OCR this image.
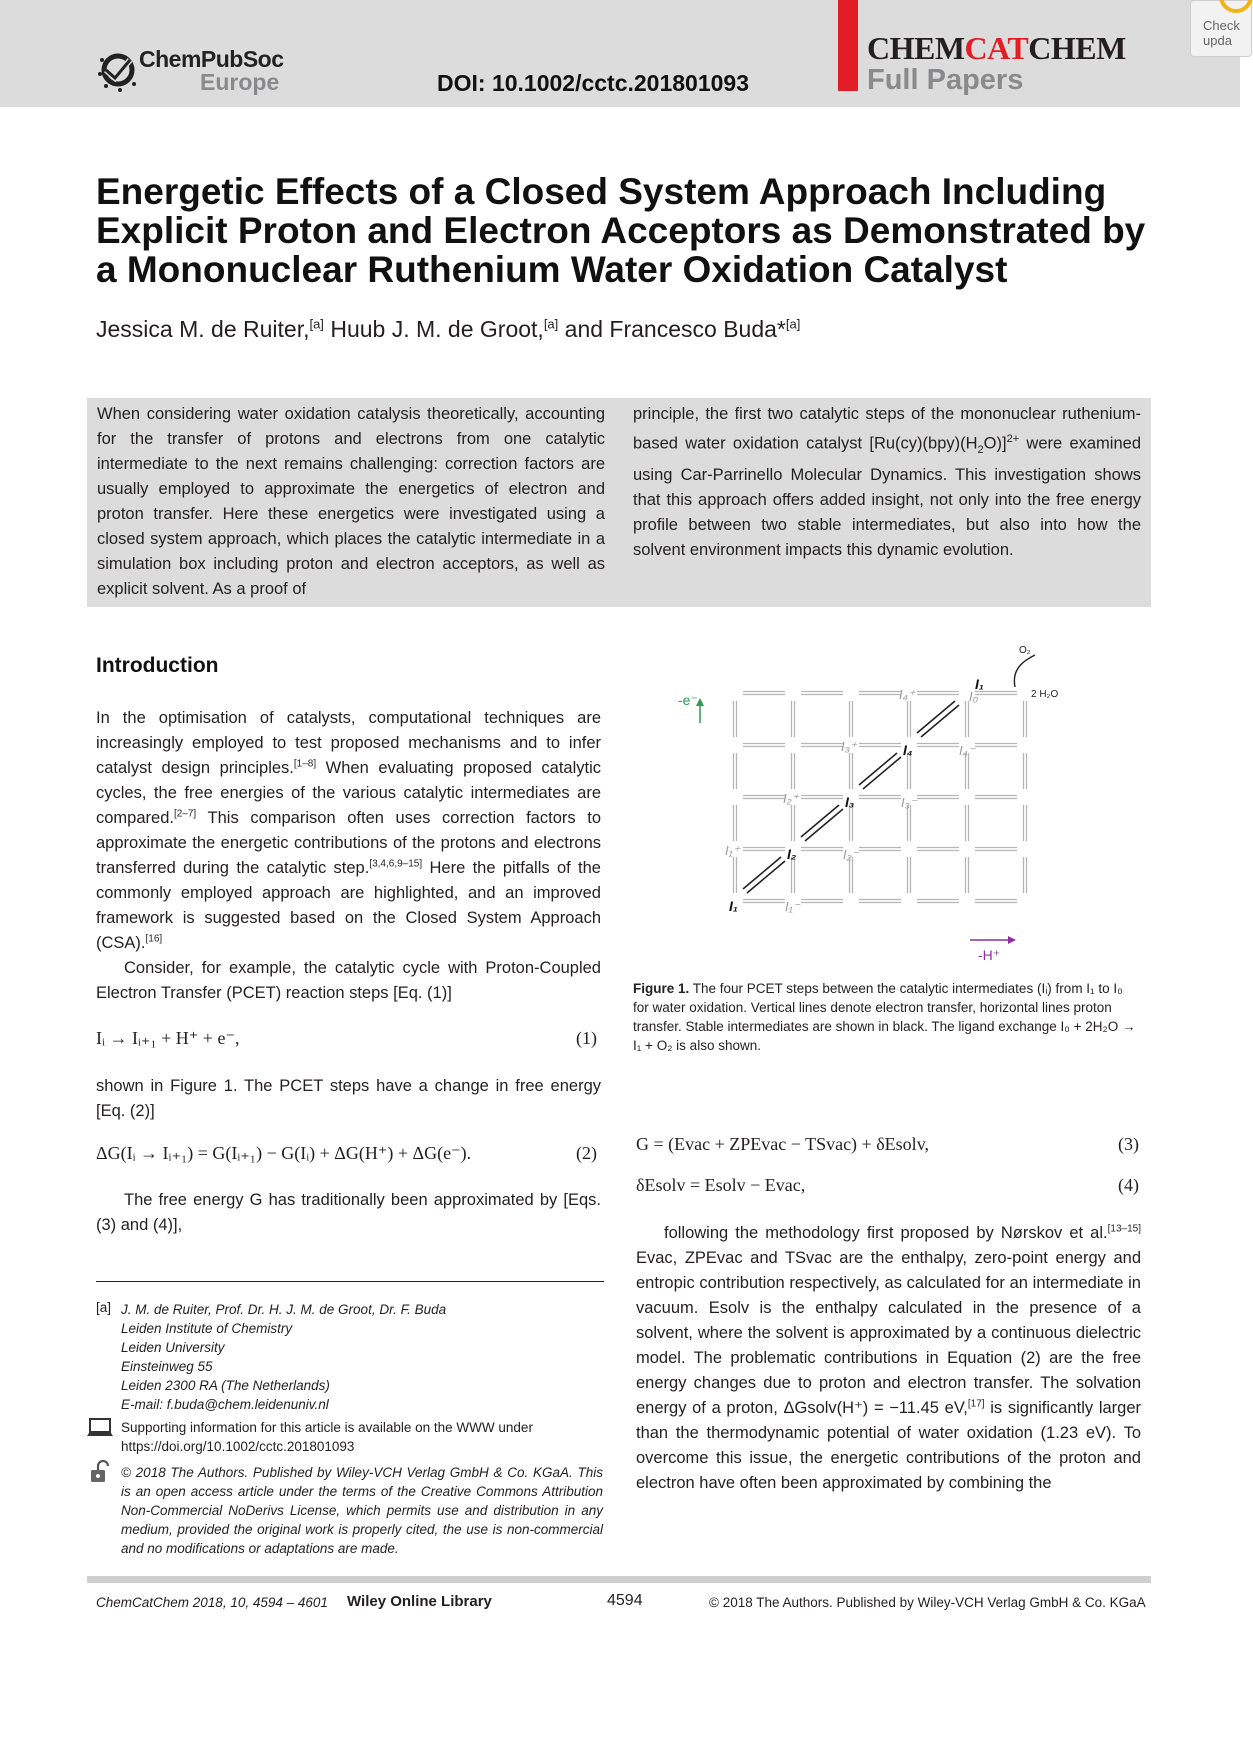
ChemPubSoc
Europe	DOI: 10.1002/cctc.201801093
CHEMCATCHEM
Full Papers
Check
upda
Energetic Effects of a Closed System Approach Including Explicit Proton and Electron Acceptors as Demonstrated by a Mononuclear Ruthenium Water Oxidation Catalyst
Jessica M. de Ruiter,[a] Huub J. M. de Groot,[a] and Francesco Buda*[a]
When considering water oxidation catalysis theoretically, accounting for the transfer of protons and electrons from one catalytic intermediate to the next remains challenging: correction factors are usually employed to approximate the energetics of electron and proton transfer. Here these energetics were investigated using a closed system approach, which places the catalytic intermediate in a simulation box including proton and electron acceptors, as well as explicit solvent. As a proof of
principle, the first two catalytic steps of the mononuclear ruthenium-based water oxidation catalyst $[Ru(cy)(bpy)(H_2O)]^{2+}$ were examined using Car-Parrinello Molecular Dynamics. This investigation shows that this approach offers added insight, not only into the free energy profile between two stable intermediates, but also into how the solvent environment impacts this dynamic evolution.
Introduction
In the optimisation of catalysts, computational techniques are increasingly employed to test proposed mechanisms and to infer catalyst design principles.[1–8] When evaluating proposed catalytic cycles, the free energies of the various catalytic intermediates are compared.[2–7] This comparison often uses correction factors to approximate the energetic contributions of the protons and electrons transferred during the catalytic step.[3,4,6,9–15] Here the pitfalls of the commonly employed approach are highlighted, and an improved framework is suggested based on the Closed System Approach (CSA).[16]
Consider, for example, the catalytic cycle with Proton-Coupled Electron Transfer (PCET) reaction steps [Eq. (1)]
Iᵢ → Iᵢ₊₁ + H⁺ + e⁻,	(1)
shown in Figure 1. The PCET steps have a change in free energy [Eq. (2)]
ΔG(Iᵢ → Iᵢ₊₁) = G(Iᵢ₊₁) − G(Iᵢ) + ΔG(H⁺) + ΔG(e⁻).	(2)
The free energy G has traditionally been approximated by [Eqs. (3) and (4)],
[a] J. M. de Ruiter, Prof. Dr. H. J. M. de Groot, Dr. F. Buda
Leiden Institute of Chemistry
Leiden University
Einsteinweg 55
Leiden 2300 RA (The Netherlands)
E-mail: f.buda@chem.leidenuniv.nl
Supporting information for this article is available on the WWW under https://doi.org/10.1002/cctc.201801093
© 2018 The Authors. Published by Wiley-VCH Verlag GmbH & Co. KGaA. This is an open access article under the terms of the Creative Commons Attribution Non-Commercial NoDerivs License, which permits use and distribution in any medium, provided the original work is properly cited, the use is non-commercial and no modifications or adaptations are made.
I₁
I₂
I₃
I₄
I₀
I₁
I₁⁺
I₁⁻
I₂⁺
I₂⁻
I₃⁺
I₃⁻
I₄⁺
I₄⁻
O₂
2 H₂O
-e⁻
-H⁺
Figure 1. The four PCET steps between the catalytic intermediates (Iᵢ) from I₁ to I₀ for water oxidation. Vertical lines denote electron transfer, horizontal lines proton transfer. Stable intermediates are shown in black. The ligand exchange I₀ + 2H₂O → I₁ + O₂ is also shown.
G = (Evac + ZPEvac − TSvac) + δEsolv,	(3)
δEsolv = Esolv − Evac,	(4)
following the methodology first proposed by Nørskov et al.[13–15] Evac, ZPEvac and TSvac are the enthalpy, zero-point energy and entropic contribution respectively, as calculated for an intermediate in vacuum. Esolv is the enthalpy calculated in the presence of a solvent, where the solvent is approximated by a continuous dielectric model. The problematic contributions in Equation (2) are the free energy changes due to proton and electron transfer. The solvation energy of a proton, ΔGsolv(H⁺) = −11.45 eV,[17] is significantly larger than the thermodynamic potential of water oxidation (1.23 eV). To overcome this issue, the energetic contributions of the proton and electron have often been approximated by combining the
ChemCatChem 2018, 10, 4594 – 4601 Wiley Online Library	4594	© 2018 The Authors. Published by Wiley-VCH Verlag GmbH & Co. KGaA
